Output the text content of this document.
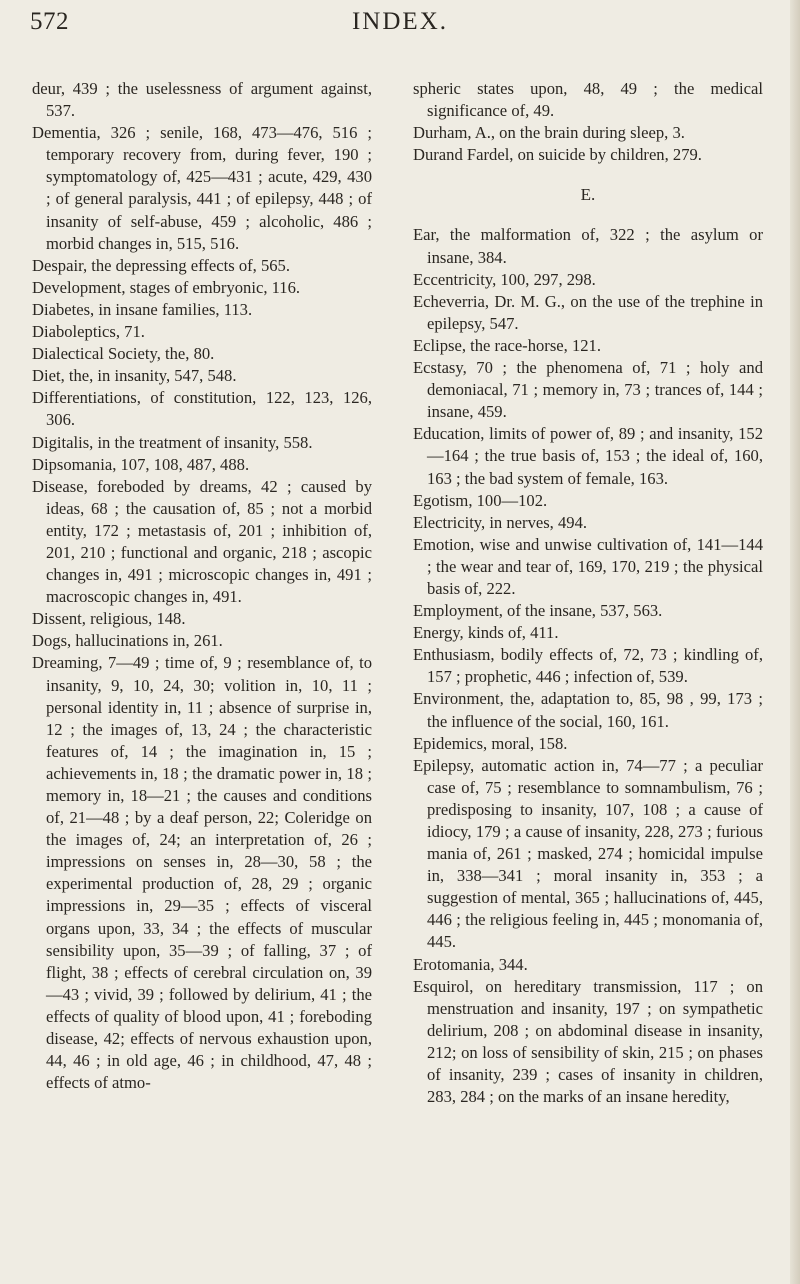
572	INDEX.

deur, 439 ; the uselessness of argument against, 537.

Dementia, 326 ; senile, 168, 473—476, 516 ; temporary recovery from, during fever, 190 ; symptomatology of, 425—431 ; acute, 429, 430 ; of general paralysis, 441 ; of epilepsy, 448 ; of insanity of self-abuse, 459 ; alcoholic, 486 ; morbid changes in, 515, 516.

Despair, the depressing effects of, 565.

Development, stages of embryonic, 116.

Diabetes, in insane families, 113.

Diaboleptics, 71.

Dialectical Society, the, 80.

Diet, the, in insanity, 547, 548.

Differentiations, of constitution, 122, 123, 126, 306.

Digitalis, in the treatment of insanity, 558.

Dipsomania, 107, 108, 487, 488.

Disease, foreboded by dreams, 42 ; caused by ideas, 68 ; the causation of, 85 ; not a morbid entity, 172 ; metastasis of, 201 ; inhibition of, 201, 210 ; functional and organic, 218 ; ascopic changes in, 491 ; microscopic changes in, 491 ; macroscopic changes in, 491.

Dissent, religious, 148.

Dogs, hallucinations in, 261.

Dreaming, 7—49 ; time of, 9 ; resemblance of, to insanity, 9, 10, 24, 30; volition in, 10, 11 ; personal identity in, 11 ; absence of surprise in, 12 ; the images of, 13, 24 ; the characteristic features of, 14 ; the imagination in, 15 ; achievements in, 18 ; the dramatic power in, 18 ; memory in, 18—21 ; the causes and conditions of, 21—48 ; by a deaf person, 22; Coleridge on the images of, 24; an interpretation of, 26 ; impressions on senses in, 28—30, 58 ; the experimental production of, 28, 29 ; organic impressions in, 29—35 ; effects of visceral organs upon, 33, 34 ; the effects of muscular sensibility upon, 35—39 ; of falling, 37 ; of flight, 38 ; effects of cerebral circulation on, 39—43 ; vivid, 39 ; followed by delirium, 41 ; the effects of quality of blood upon, 41 ; foreboding disease, 42; effects of nervous exhaustion upon, 44, 46 ; in old age, 46 ; in childhood, 47, 48 ; effects of atmo-

spheric states upon, 48, 49 ; the medical significance of, 49.

Durham, A., on the brain during sleep, 3.

Durand Fardel, on suicide by children, 279.

E.

Ear, the malformation of, 322 ; the asylum or insane, 384.

Eccentricity, 100, 297, 298.

Echeverria, Dr. M. G., on the use of the trephine in epilepsy, 547.

Eclipse, the race-horse, 121.

Ecstasy, 70 ; the phenomena of, 71 ; holy and demoniacal, 71 ; memory in, 73 ; trances of, 144 ; insane, 459.

Education, limits of power of, 89 ; and insanity, 152—164 ; the true basis of, 153 ; the ideal of, 160, 163 ; the bad system of female, 163.

Egotism, 100—102.

Electricity, in nerves, 494.

Emotion, wise and unwise cultivation of, 141—144 ; the wear and tear of, 169, 170, 219 ; the physical basis of, 222.

Employment, of the insane, 537, 563.

Energy, kinds of, 411.

Enthusiasm, bodily effects of, 72, 73 ; kindling of, 157 ; prophetic, 446 ; infection of, 539.

Environment, the, adaptation to, 85, 98 , 99, 173 ; the influence of the social, 160, 161.

Epidemics, moral, 158.

Epilepsy, automatic action in, 74—77 ; a peculiar case of, 75 ; resemblance to somnambulism, 76 ; predisposing to insanity, 107, 108 ; a cause of idiocy, 179 ; a cause of insanity, 228, 273 ; furious mania of, 261 ; masked, 274 ; homicidal impulse in, 338—341 ; moral insanity in, 353 ; a suggestion of mental, 365 ; hallucinations of, 445, 446 ; the religious feeling in, 445 ; monomania of, 445.

Erotomania, 344.

Esquirol, on hereditary transmission, 117 ; on menstruation and insanity, 197 ; on sympathetic delirium, 208 ; on abdominal disease in insanity, 212; on loss of sensibility of skin, 215 ; on phases of insanity, 239 ; cases of insanity in children, 283, 284 ; on the marks of an insane heredity,
